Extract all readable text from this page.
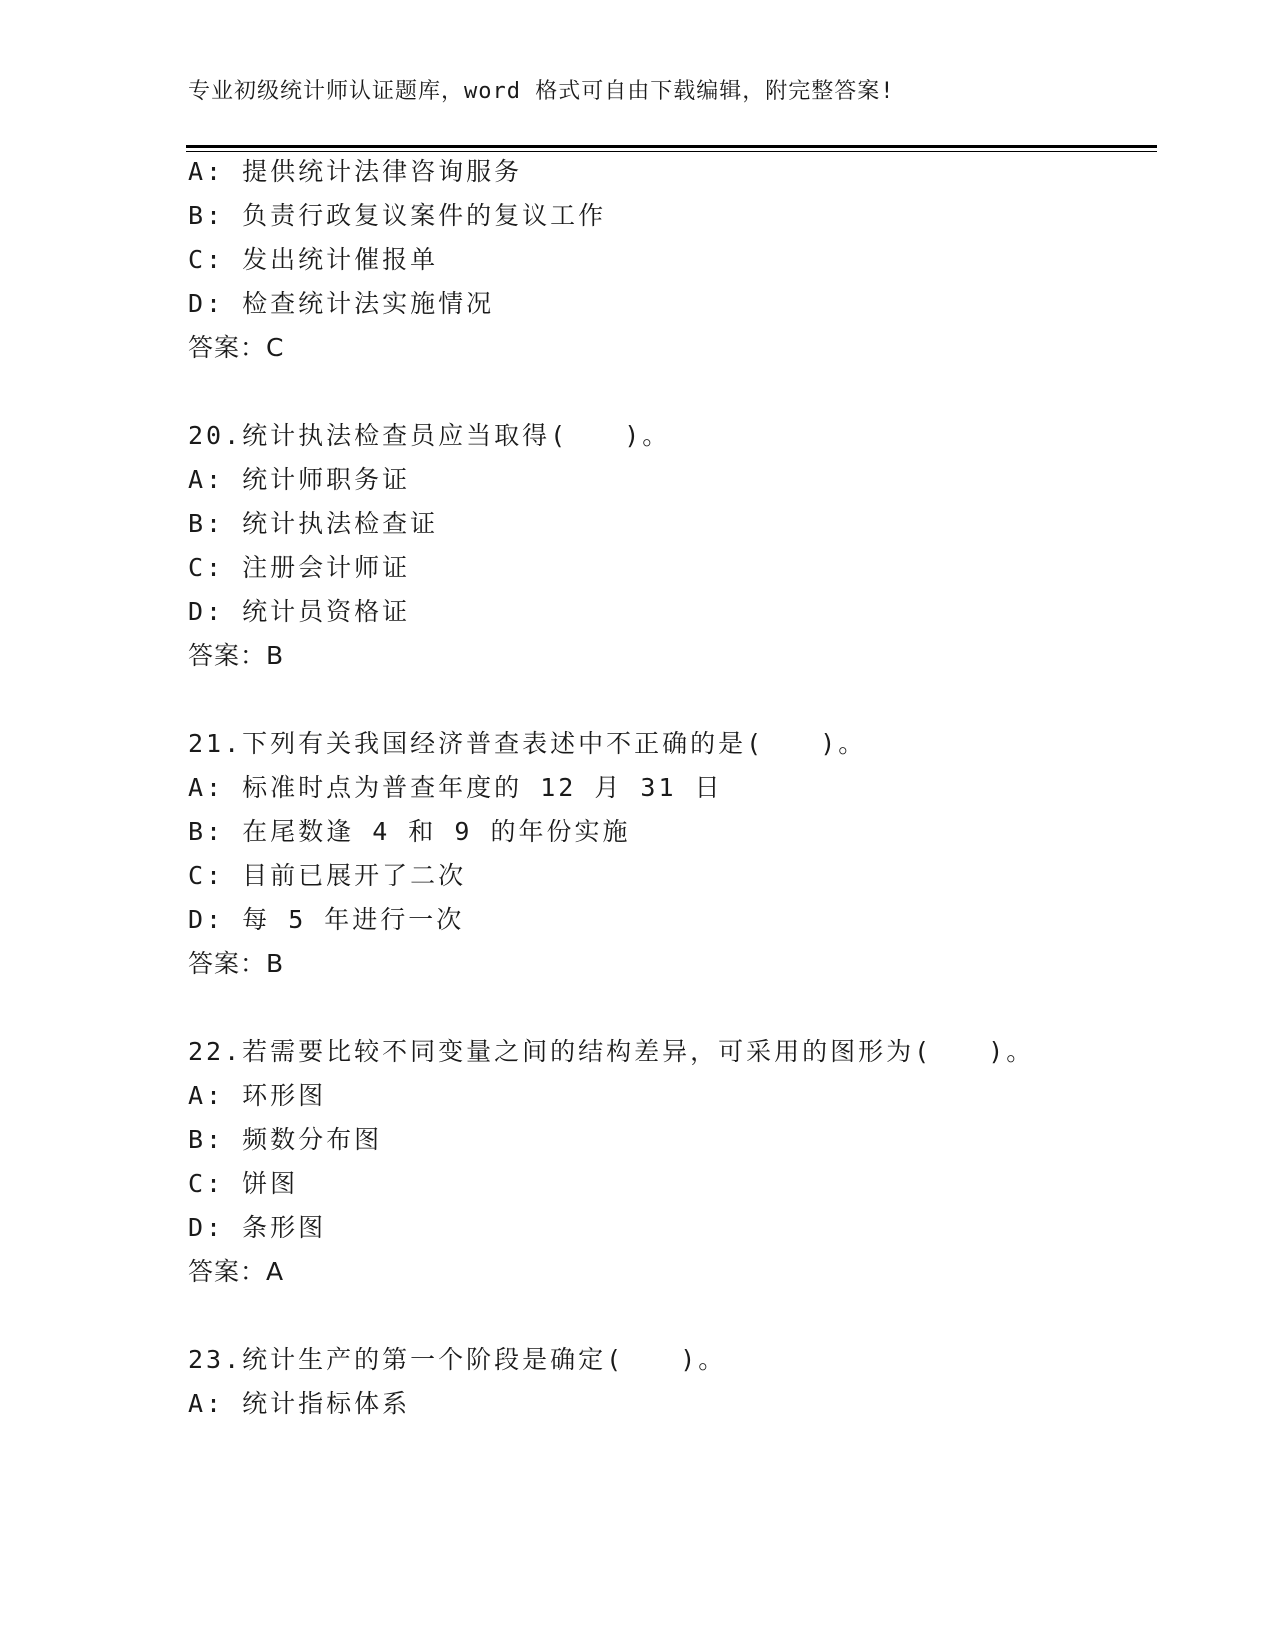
专业初级统计师认证题库，word 格式可自由下载编辑，附完整答案!
A: 提供统计法律咨询服务
B: 负责行政复议案件的复议工作
C: 发出统计催报单
D: 检查统计法实施情况
答案：C
20.统计执法检查员应当取得(　　)。
A: 统计师职务证
B: 统计执法检查证
C: 注册会计师证
D: 统计员资格证
答案：B
21.下列有关我国经济普查表述中不正确的是(　　)。
A: 标准时点为普查年度的 12 月 31 日
B: 在尾数逢 4 和 9 的年份实施
C: 目前已展开了二次
D: 每 5 年进行一次
答案：B
22.若需要比较不同变量之间的结构差异，可采用的图形为(　　)。
A: 环形图
B: 频数分布图
C: 饼图
D: 条形图
答案：A
23.统计生产的第一个阶段是确定(　　)。
A: 统计指标体系
